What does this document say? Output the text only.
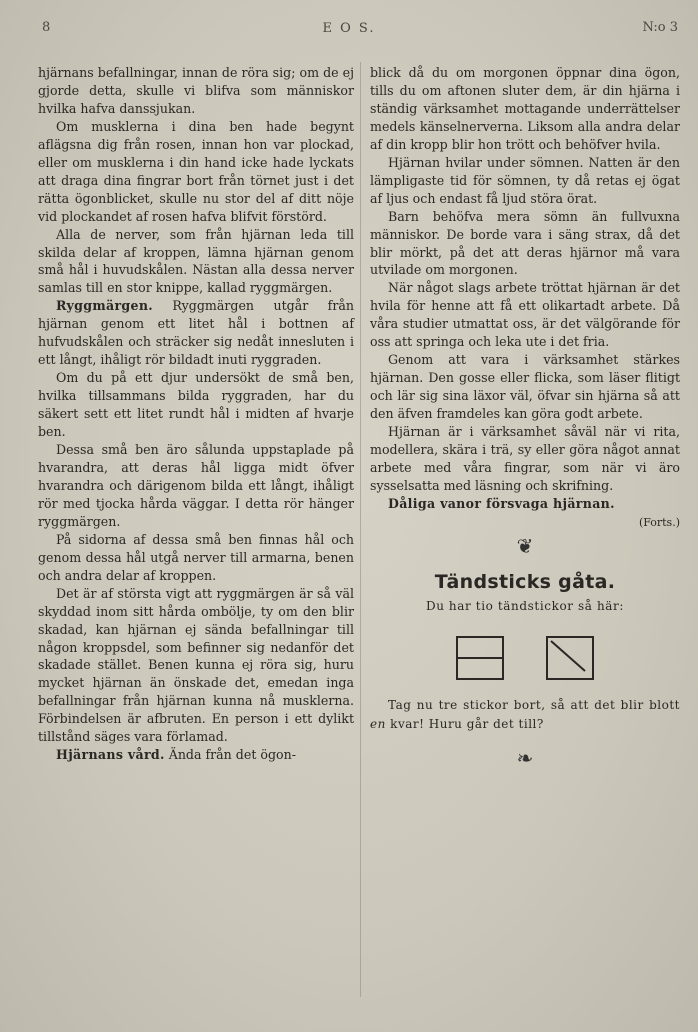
8	E O S.	N:o 3

hjärnans befallningar, innan de röra sig; om de ej gjorde detta, skulle vi blifva som människor hvilka hafva danssjukan.

Om musklerna i dina ben hade begynt aflägsna dig från rosen, innan hon var plockad, eller om musklerna i din hand icke hade lyckats att draga dina fingrar bort från törnet just i det rätta ögonblicket, skulle nu stor del af ditt nöje vid plockandet af rosen hafva blifvit förstörd.

Alla de nerver, som från hjärnan leda till skilda delar af kroppen, lämna hjärnan genom små hål i huvudskålen. Nästan alla dessa nerver samlas till en stor knippe, kallad ryggmärgen.

Ryggmärgen. Ryggmärgen utgår från hjärnan genom ett litet hål i bottnen af hufvudskålen och sträcker sig nedåt innesluten i ett långt, ihåligt rör bildadt inuti ryggraden.

Om du på ett djur undersökt de små ben, hvilka tillsammans bilda ryggraden, har du säkert sett ett litet rundt hål i midten af hvarje ben.

Dessa små ben äro sålunda uppstaplade på hvarandra, att deras hål ligga midt öfver hvarandra och därigenom bilda ett långt, ihåligt rör med tjocka hårda väggar. I detta rör hänger ryggmärgen.

På sidorna af dessa små ben finnas hål och genom dessa hål utgå nerver till armarna, benen och andra delar af kroppen.

Det är af största vigt att ryggmärgen är så väl skyddad inom sitt hårda ombölje, ty om den blir skadad, kan hjärnan ej sända befallningar till någon kroppsdel, som befinner sig nedanför det skadade stället. Benen kunna ej röra sig, huru mycket hjärnan än önskade det, emedan inga befallningar från hjärnan kunna nå musklerna. Förbindelsen är afbruten. En person i ett dylikt tillstånd säges vara förlamad.

Hjärnans vård. Ända från det ögon-

blick då du om morgonen öppnar dina ögon, tills du om aftonen sluter dem, är din hjärna i ständig värksamhet mottagande underrättelser medels känselnerverna. Liksom alla andra delar af din kropp blir hon trött och behöfver hvila.

Hjärnan hvilar under sömnen. Natten är den lämpligaste tid för sömnen, ty då retas ej ögat af ljus och endast få ljud störa örat.

Barn behöfva mera sömn än fullvuxna människor. De borde vara i säng strax, då det blir mörkt, på det att deras hjärnor må vara utvilade om morgonen.

När något slags arbete tröttat hjärnan är det hvila för henne att få ett olikartadt arbete. Då våra studier utmattat oss, är det välgörande för oss att springa och leka ute i det fria.

Genom att vara i värksamhet stärkes hjärnan. Den gosse eller flicka, som läser flitigt och lär sig sina läxor väl, öfvar sin hjärna så att den äfven framdeles kan göra godt arbete.

Hjärnan är i värksamhet såväl när vi rita, modellera, skära i trä, sy eller göra något annat arbete med våra fingrar, som när vi äro sysselsatta med läsning och skrifning.

Dåliga vanor försvaga hjärnan.

(Forts.)
❦
Tändsticks gåta.
Du har tio tändstickor så här:

Tag nu tre stickor bort, så att det blir blott en kvar! Huru går det till?

❧
